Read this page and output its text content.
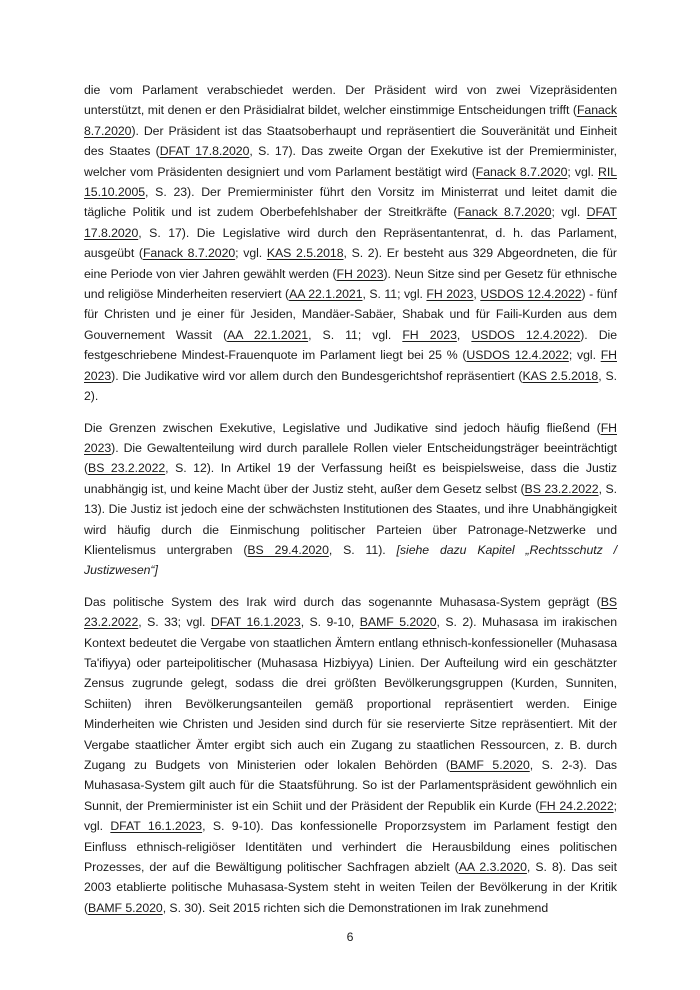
die vom Parlament verabschiedet werden. Der Präsident wird von zwei Vizepräsidenten unterstützt, mit denen er den Präsidialrat bildet, welcher einstimmige Entscheidungen trifft (Fanack 8.7.2020). Der Präsident ist das Staatsoberhaupt und repräsentiert die Souveränität und Einheit des Staates (DFAT 17.8.2020, S. 17). Das zweite Organ der Exekutive ist der Premierminister, welcher vom Präsidenten designiert und vom Parlament bestätigt wird (Fanack 8.7.2020; vgl. RIL 15.10.2005, S. 23). Der Premierminister führt den Vorsitz im Ministerrat und leitet damit die tägliche Politik und ist zudem Oberbefehlshaber der Streitkräfte (Fanack 8.7.2020; vgl. DFAT 17.8.2020, S. 17). Die Legislative wird durch den Repräsentantenrat, d. h. das Parlament, ausgeübt (Fanack 8.7.2020; vgl. KAS 2.5.2018, S. 2). Er besteht aus 329 Abgeordneten, die für eine Periode von vier Jahren gewählt werden (FH 2023). Neun Sitze sind per Gesetz für ethnische und religiöse Minderheiten reserviert (AA 22.1.2021, S. 11; vgl. FH 2023, USDOS 12.4.2022) - fünf für Christen und je einer für Jesiden, Mandäer-Sabäer, Shabak und für Faili-Kurden aus dem Gouvernement Wassit (AA 22.1.2021, S. 11; vgl. FH 2023, USDOS 12.4.2022). Die festgeschriebene Mindest-Frauenquote im Parlament liegt bei 25 % (USDOS 12.4.2022; vgl. FH 2023). Die Judikative wird vor allem durch den Bundesgerichtshof repräsentiert (KAS 2.5.2018, S. 2).

Die Grenzen zwischen Exekutive, Legislative und Judikative sind jedoch häufig fließend (FH 2023). Die Gewaltenteilung wird durch parallele Rollen vieler Entscheidungsträger beeinträchtigt (BS 23.2.2022, S. 12). In Artikel 19 der Verfassung heißt es beispielsweise, dass die Justiz unabhängig ist, und keine Macht über der Justiz steht, außer dem Gesetz selbst (BS 23.2.2022, S. 13). Die Justiz ist jedoch eine der schwächsten Institutionen des Staates, und ihre Unabhängigkeit wird häufig durch die Einmischung politischer Parteien über Patronage-Netzwerke und Klientelismus untergraben (BS 29.4.2020, S. 11). [siehe dazu Kapitel „Rechtsschutz / Justizwesen“]

Das politische System des Irak wird durch das sogenannte Muhasasa-System geprägt (BS 23.2.2022, S. 33; vgl. DFAT 16.1.2023, S. 9-10, BAMF 5.2020, S. 2). Muhasasa im irakischen Kontext bedeutet die Vergabe von staatlichen Ämtern entlang ethnisch-konfessioneller (Muhasasa Ta'ifiyya) oder parteipolitischer (Muhasasa Hizbiyya) Linien. Der Aufteilung wird ein geschätzter Zensus zugrunde gelegt, sodass die drei größten Bevölkerungsgruppen (Kurden, Sunniten, Schiiten) ihren Bevölkerungsanteilen gemäß proportional repräsentiert werden. Einige Minderheiten wie Christen und Jesiden sind durch für sie reservierte Sitze repräsentiert. Mit der Vergabe staatlicher Ämter ergibt sich auch ein Zugang zu staatlichen Ressourcen, z. B. durch Zugang zu Budgets von Ministerien oder lokalen Behörden (BAMF 5.2020, S. 2-3). Das Muhasasa-System gilt auch für die Staatsführung. So ist der Parlamentspräsident gewöhnlich ein Sunnit, der Premierminister ist ein Schiit und der Präsident der Republik ein Kurde (FH 24.2.2022; vgl. DFAT 16.1.2023, S. 9-10). Das konfessionelle Proporzsystem im Parlament festigt den Einfluss ethnisch-religiöser Identitäten und verhindert die Herausbildung eines politischen Prozesses, der auf die Bewältigung politischer Sachfragen abzielt (AA 2.3.2020, S. 8). Das seit 2003 etablierte politische Muhasasa-System steht in weiten Teilen der Bevölkerung in der Kritik (BAMF 5.2020, S. 30). Seit 2015 richten sich die Demonstrationen im Irak zunehmend

6
